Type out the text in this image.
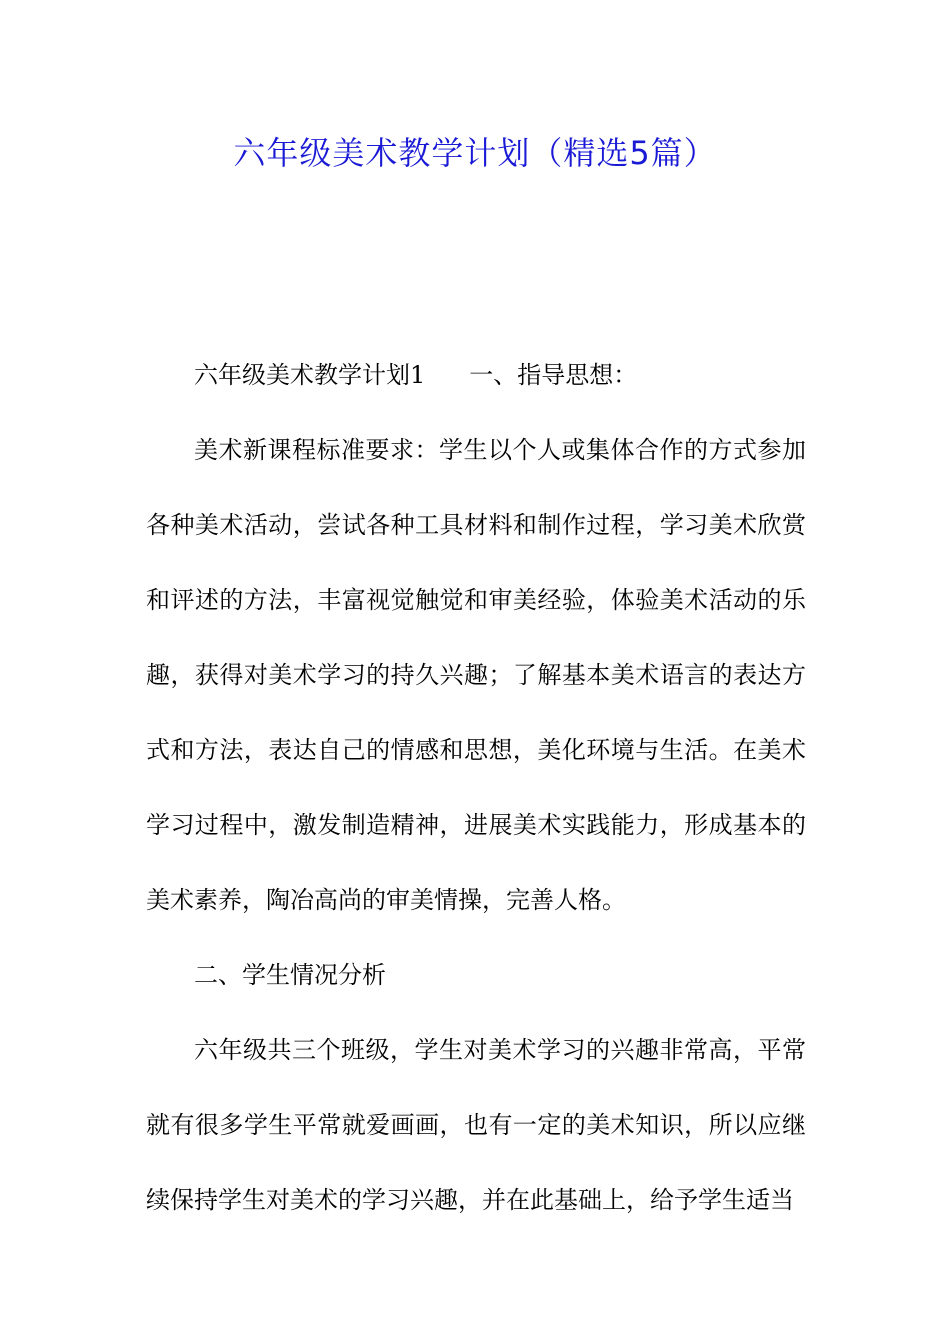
六年级美术教学计划（精选5篇）

六年级美术教学计划1 一、指导思想：

美术新课程标准要求：学生以个人或集体合作的方式参加各种美术活动，尝试各种工具材料和制作过程，学习美术欣赏和评述的方法，丰富视觉触觉和审美经验，体验美术活动的乐趣，获得对美术学习的持久兴趣；了解基本美术语言的表达方式和方法，表达自己的情感和思想，美化环境与生活。在美术学习过程中，激发制造精神，进展美术实践能力，形成基本的美术素养，陶冶高尚的审美情操，完善人格。

二、学生情况分析

六年级共三个班级，学生对美术学习的兴趣非常高，平常就有很多学生平常就爱画画，也有一定的美术知识，所以应继续保持学生对美术的学习兴趣，并在此基础上，给予学生适当
